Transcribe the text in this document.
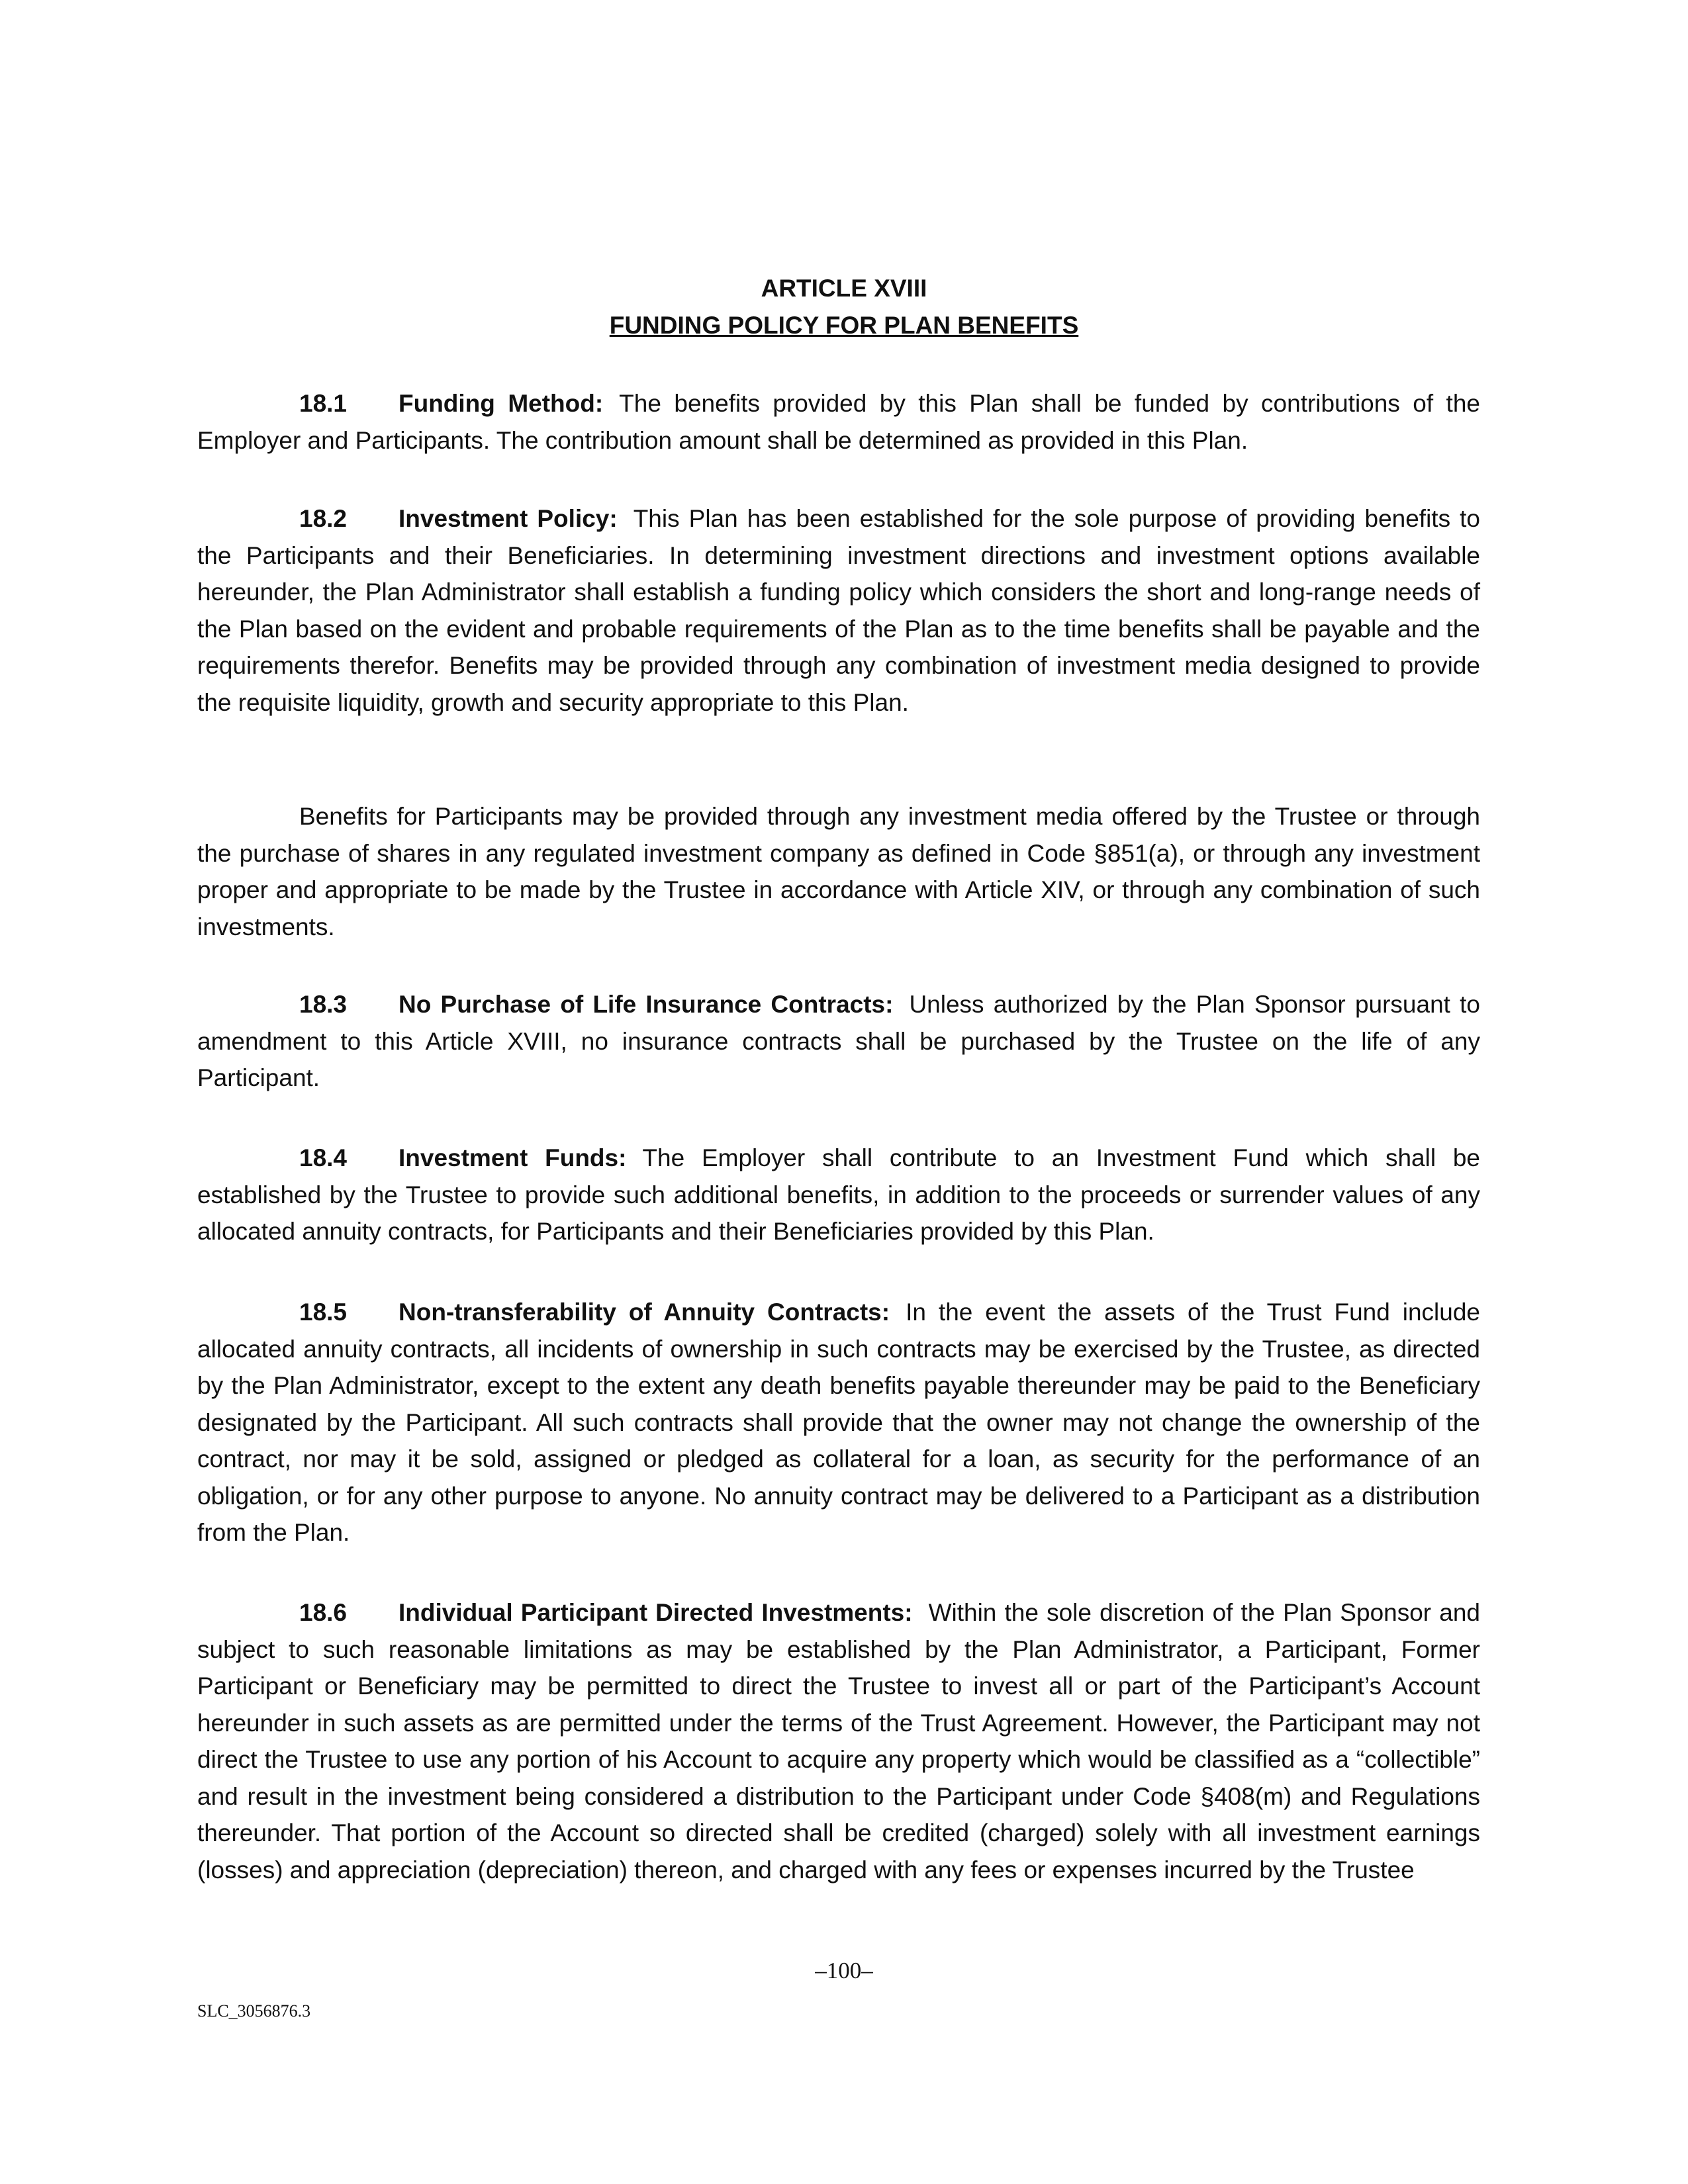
ARTICLE XVIII
FUNDING POLICY FOR PLAN BENEFITS

18.1 Funding Method: The benefits provided by this Plan shall be funded by contributions of the Employer and Participants. The contribution amount shall be determined as provided in this Plan.

18.2 Investment Policy: This Plan has been established for the sole purpose of providing benefits to the Participants and their Beneficiaries. In determining investment directions and investment options available hereunder, the Plan Administrator shall establish a funding policy which considers the short and long-range needs of the Plan based on the evident and probable requirements of the Plan as to the time benefits shall be payable and the requirements therefor. Benefits may be provided through any combination of investment media designed to provide the requisite liquidity, growth and security appropriate to this Plan.

Benefits for Participants may be provided through any investment media offered by the Trustee or through the purchase of shares in any regulated investment company as defined in Code §851(a), or through any investment proper and appropriate to be made by the Trustee in accordance with Article XIV, or through any combination of such investments.

18.3 No Purchase of Life Insurance Contracts: Unless authorized by the Plan Sponsor pursuant to amendment to this Article XVIII, no insurance contracts shall be purchased by the Trustee on the life of any Participant.

18.4 Investment Funds: The Employer shall contribute to an Investment Fund which shall be established by the Trustee to provide such additional benefits, in addition to the proceeds or surrender values of any allocated annuity contracts, for Participants and their Beneficiaries provided by this Plan.

18.5 Non-transferability of Annuity Contracts: In the event the assets of the Trust Fund include allocated annuity contracts, all incidents of ownership in such contracts may be exercised by the Trustee, as directed by the Plan Administrator, except to the extent any death benefits payable thereunder may be paid to the Beneficiary designated by the Participant. All such contracts shall provide that the owner may not change the ownership of the contract, nor may it be sold, assigned or pledged as collateral for a loan, as security for the performance of an obligation, or for any other purpose to anyone. No annuity contract may be delivered to a Participant as a distribution from the Plan.

18.6 Individual Participant Directed Investments: Within the sole discretion of the Plan Sponsor and subject to such reasonable limitations as may be established by the Plan Administrator, a Participant, Former Participant or Beneficiary may be permitted to direct the Trustee to invest all or part of the Participant’s Account hereunder in such assets as are permitted under the terms of the Trust Agreement. However, the Participant may not direct the Trustee to use any portion of his Account to acquire any property which would be classified as a “collectible” and result in the investment being considered a distribution to the Participant under Code §408(m) and Regulations thereunder. That portion of the Account so directed shall be credited (charged) solely with all investment earnings (losses) and appreciation (depreciation) thereon, and charged with any fees or expenses incurred by the Trustee

–100–
SLC_3056876.3
